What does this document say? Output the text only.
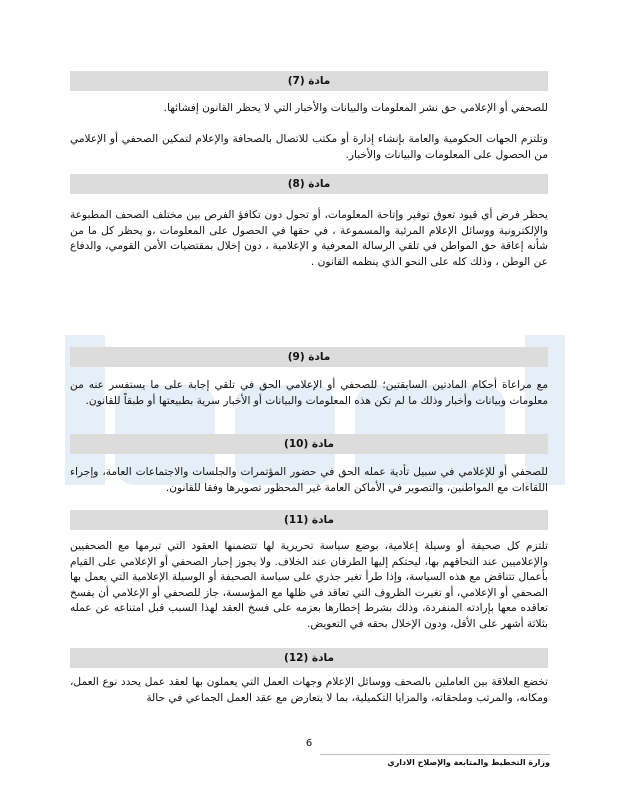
مادة (7)

للصحفي أو الإعلامي حق نشر المعلومات والبيانات والأخبار التي لا يحظر القانون إفشائها.

وتلتزم الجهات الحكومية والعامة بإنشاء إدارة أو مكتب للاتصال بالصحافة والإعلام لتمكين الصحفي أو الإعلامي من الحصول على المعلومات والبيانات والأخبار.

مادة (8)

يحظر فرض أي قيود تعوق توفير وإتاحة المعلومات، أو تحول دون تكافؤ الفرص بين مختلف الصحف المطبوعة والإلكترونية ووسائل الإعلام المرئية والمسموعة ، في حقها في الحصول على المعلومات ،و يحظر كل ما من شأنه إعاقة حق المواطن في تلقي الرسالة المعرفية و الإعلامية ، دون إخلال بمقتضيات الأمن القومي، والدفاع عن الوطن ، وذلك كله على النحو الذي ينظمه القانون .

مادة (9)

مع مراعاة أحكام المادتين السابقتين؛ للصحفي أو الإعلامي الحق في تلقي إجابة على ما يستفسر عنه من معلومات وبيانات وأخبار وذلك ما لم تكن هذه المعلومات والبيانات أو الأخبار سرية بطبيعتها أو طبقاً للقانون.

مادة (10)

للصحفي أو للإعلامي في سبيل تأدية عمله الحق في حضور المؤتمرات والجلسات والاجتماعات العامة، وإجراء اللقاءات مع المواطنين، والتصوير في الأماكن العامة غير المحظور تصويرها وفقا للقانون.

مادة (11)

تلتزم كل صحيفة أو وسيلة إعلامية، بوضع سياسة تحريرية لها تتضمنها العقود التي تبرمها مع الصحفيين والإعلاميين عند التحاقهم بها، ليحتكم إليها الطرفان عند الخلاف. ولا يجوز إجبار الصحفي أو الإعلامي على القيام بأعمال تتناقض مع هذه السياسة، وإذا طرأ تغير جذري على سياسة الصحيفة أو الوسيلة الإعلامية التي يعمل بها الصحفي أو الإعلامي، أو تغيرت الظروف التي تعاقد في ظلها مع المؤسسة، جاز للصحفي أو الإعلامي أن يفسخ تعاقده معها بإرادته المنفردة، وذلك بشرط إخطارها بعزمه على فسخ العقد لهذا السبب قبل امتناعه عن عمله بثلاثة أشهر على الأقل، ودون الإخلال بحقه في التعويض.

مادة (12)

تخضع العلاقة بين العاملين بالصحف ووسائل الإعلام وجهات العمل التي يعملون بها لعقد عمل يحدد نوع العمل، ومكانه، والمرتب وملحقاته، والمزايا التكميلية، بما لا يتعارض مع عقد العمل الجماعي في حالة

6
وزارة التخطيط والمتابعة والإصلاح الاداري
